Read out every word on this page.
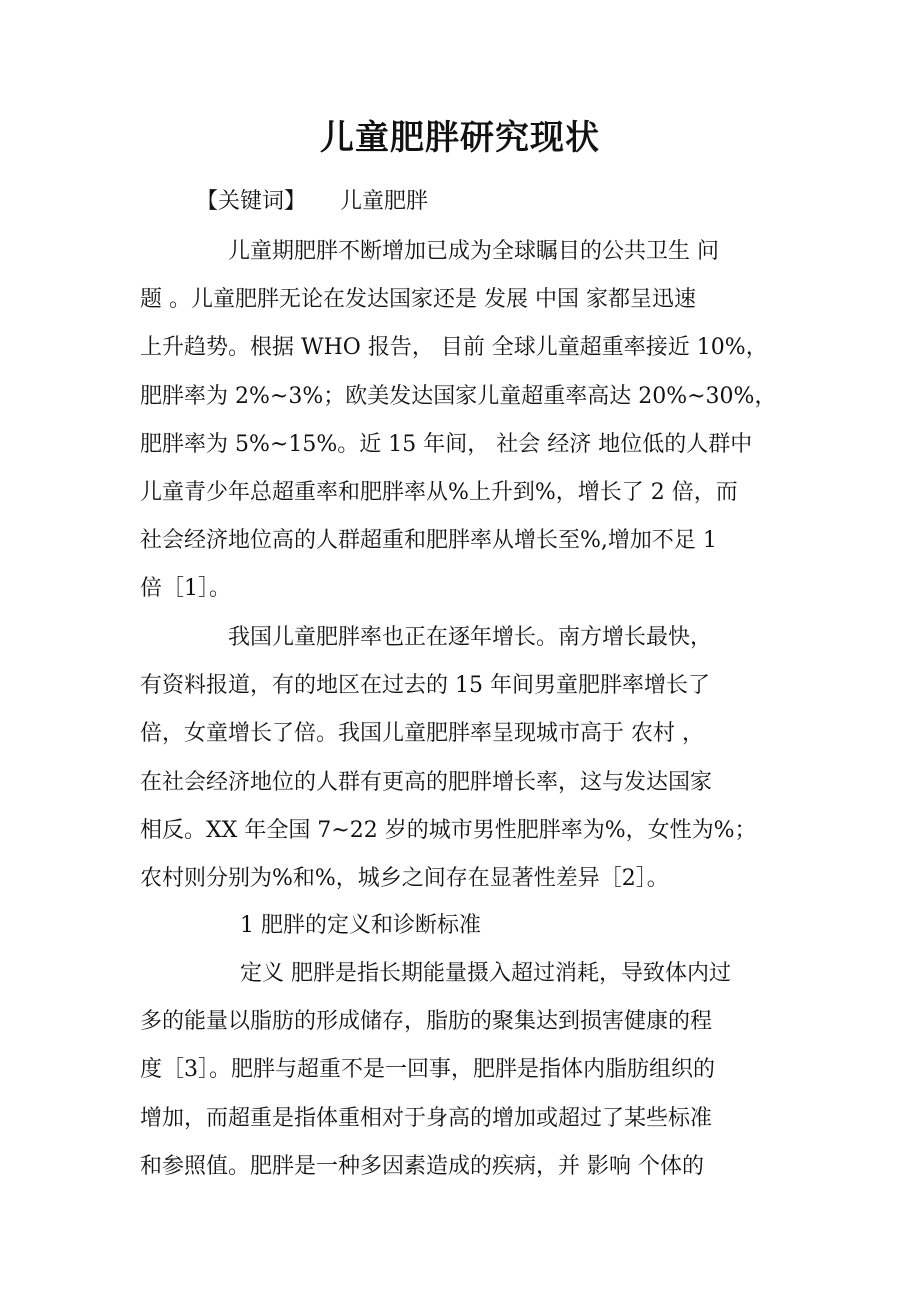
儿童肥胖研究现状
【关键词】 儿童肥胖

儿童期肥胖不断增加已成为全球瞩目的公共卫生 问
题 。儿童肥胖无论在发达国家还是 发展 中国 家都呈迅速
上升趋势。根据 WHO 报告， 目前 全球儿童超重率接近 10%，
肥胖率为 2%~3%；欧美发达国家儿童超重率高达 20%~30%，
肥胖率为 5%~15%。近 15 年间， 社会 经济 地位低的人群中
儿童青少年总超重率和肥胖率从%上升到%，增长了 2 倍，而
社会经济地位高的人群超重和肥胖率从增长至%,增加不足 1
倍［1］。

我国儿童肥胖率也正在逐年增长。南方增长最快，
有资料报道，有的地区在过去的 15 年间男童肥胖率增长了
倍，女童增长了倍。我国儿童肥胖率呈现城市高于 农村 ，
在社会经济地位的人群有更高的肥胖增长率，这与发达国家
相反。XX 年全国 7~22 岁的城市男性肥胖率为%，女性为%；
农村则分别为%和%，城乡之间存在显著性差异［2］。

1 肥胖的定义和诊断标准

定义 肥胖是指长期能量摄入超过消耗，导致体内过
多的能量以脂肪的形成储存，脂肪的聚集达到损害健康的程
度［3］。肥胖与超重不是一回事，肥胖是指体内脂肪组织的
增加，而超重是指体重相对于身高的增加或超过了某些标准
和参照值。肥胖是一种多因素造成的疾病，并 影响 个体的
